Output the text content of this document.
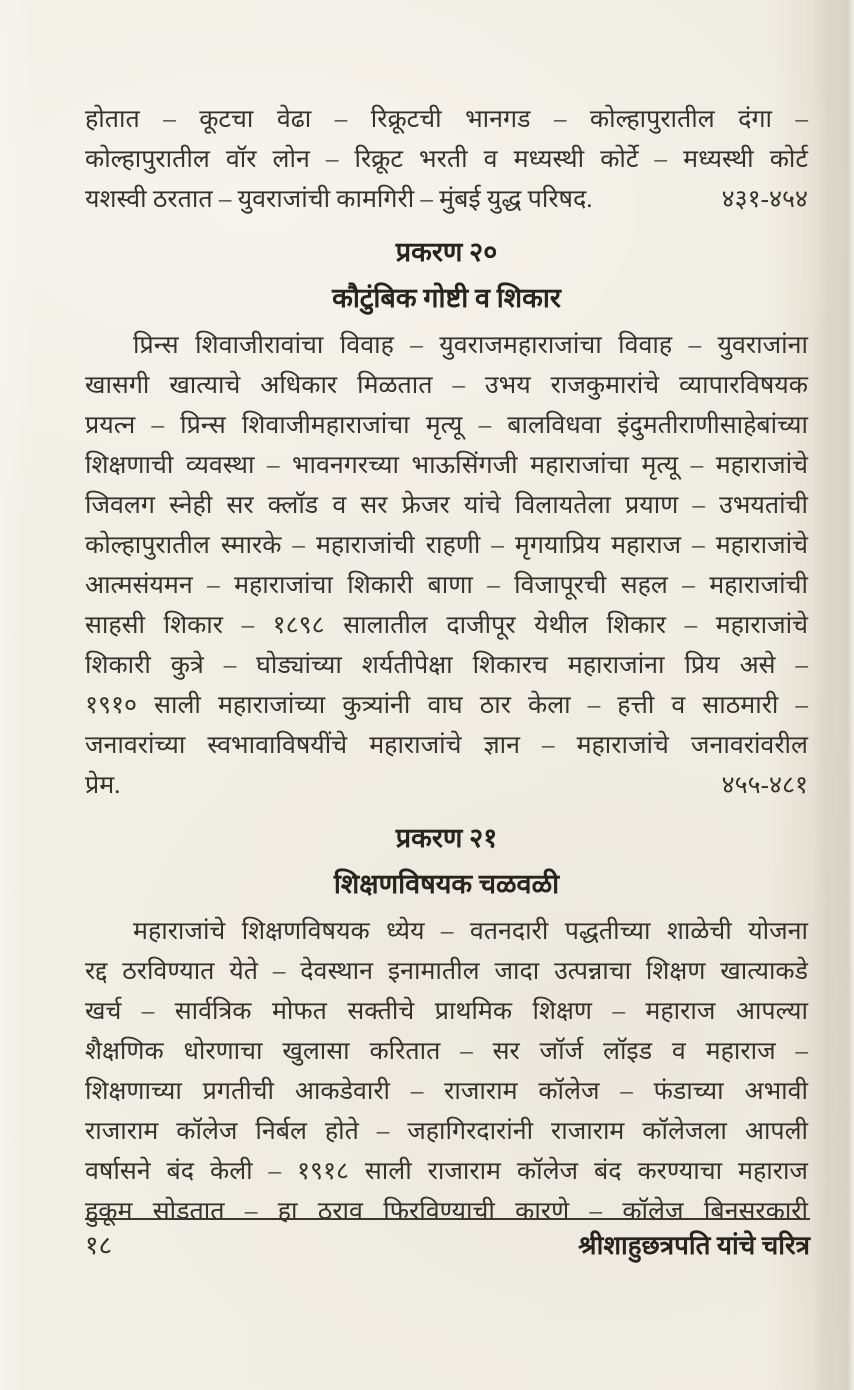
होतात – कूटचा वेढा – रिक्रूटची भानगड – कोल्हापुरातील दंगा –
कोल्हापुरातील वॉर लोन – रिक्रूट भरती व मध्यस्थी कोर्टे – मध्यस्थी कोर्ट
यशस्वी ठरतात – युवराजांची कामगिरी – मुंबई युद्ध परिषद.	४३१-४५४
प्रकरण २०
कौटुंबिक गोष्टी व शिकार
प्रिन्स शिवाजीरावांचा विवाह – युवराजमहाराजांचा विवाह – युवराजांना
खासगी खात्याचे अधिकार मिळतात – उभय राजकुमारांचे व्यापारविषयक
प्रयत्न – प्रिन्स शिवाजीमहाराजांचा मृत्यू – बालविधवा इंदुमतीराणीसाहेबांच्या
शिक्षणाची व्यवस्था – भावनगरच्या भाऊसिंगजी महाराजांचा मृत्यू – महाराजांचे
जिवलग स्नेही सर क्लॉड व सर फ्रेजर यांचे विलायतेला प्रयाण – उभयतांची
कोल्हापुरातील स्मारके – महाराजांची राहणी – मृगयाप्रिय महाराज – महाराजांचे
आत्मसंयमन – महाराजांचा शिकारी बाणा – विजापूरची सहल – महाराजांची
साहसी शिकार – १८९८ सालातील दाजीपूर येथील शिकार – महाराजांचे
शिकारी कुत्रे – घोड्यांच्या शर्यतीपेक्षा शिकारच महाराजांना प्रिय असे –
१९१० साली महाराजांच्या कुत्र्यांनी वाघ ठार केला – हत्ती व साठमारी –
जनावरांच्या स्वभावाविषयींचे महाराजांचे ज्ञान – महाराजांचे जनावरांवरील
प्रेम.	४५५-४८१
प्रकरण २१
शिक्षणविषयक चळवळी
महाराजांचे शिक्षणविषयक ध्येय – वतनदारी पद्धतीच्या शाळेची योजना
रद्द ठरविण्यात येते – देवस्थान इनामातील जादा उत्पन्नाचा शिक्षण खात्याकडे
खर्च – सार्वत्रिक मोफत सक्तीचे प्राथमिक शिक्षण – महाराज आपल्या
शैक्षणिक धोरणाचा खुलासा करितात – सर जॉर्ज लॉइड व महाराज –
शिक्षणाच्या प्रगतीची आकडेवारी – राजाराम कॉलेज – फंडाच्या अभावी
राजाराम कॉलेज निर्बल होते – जहागिरदारांनी राजाराम कॉलेजला आपली
वर्षासने बंद केली – १९१८ साली राजाराम कॉलेज बंद करण्याचा महाराज
हुकूम सोडतात – हा ठराव फिरविण्याची कारणे – कॉलेज बिनसरकारी
१८	श्रीशाहुछत्रपति यांचे चरित्र
